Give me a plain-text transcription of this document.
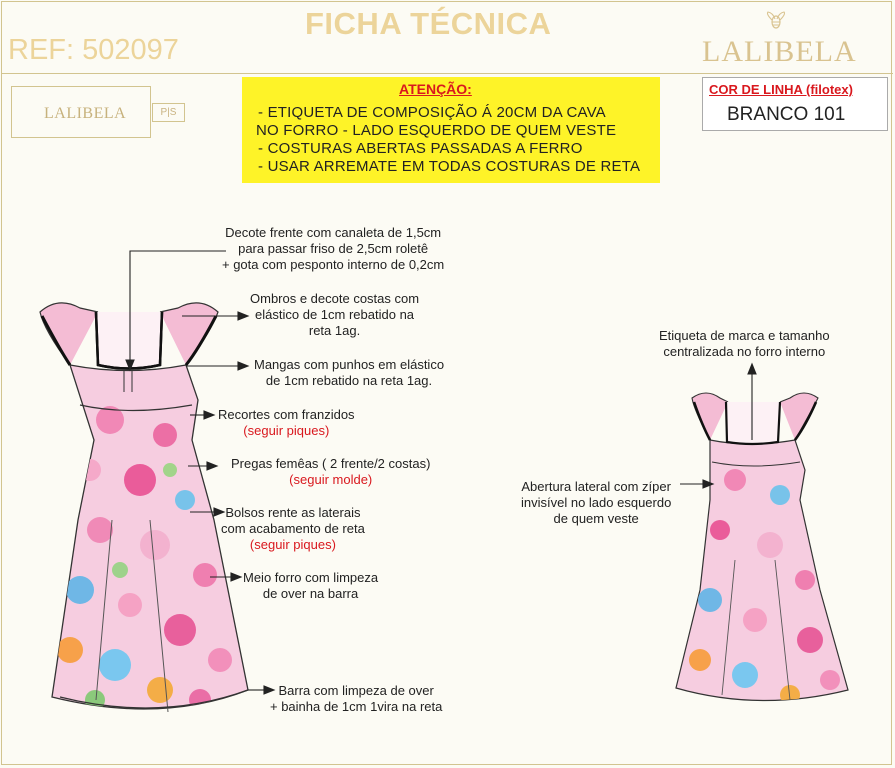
FICHA TÉCNICA
REF: 502097	LALIBELA
LALIBELA	P|S
ATENÇÃO:
- ETIQUETA DE COMPOSIÇÃO Á 20CM DA CAVA
NO FORRO - LADO ESQUERDO DE QUEM VESTE
- COSTURAS ABERTAS PASSADAS A FERRO
- USAR ARREMATE EM TODAS COSTURAS DE RETA
COR DE LINHA (filotex)
BRANCO 101
Decote frente com canaleta de 1,5cm
para passar friso de 2,5cm roletê
+ gota com pesponto interno de 0,2cm
Ombros e decote costas com
elástico de 1cm rebatido na
reta 1ag.
Mangas com punhos em elástico
de 1cm rebatido na reta 1ag.
Recortes com franzidos
(seguir piques)
Pregas femêas ( 2 frente/2 costas)
(seguir molde)
Bolsos rente as laterais
com acabamento de reta
(seguir piques)
Meio forro com limpeza
de over na barra
Barra com limpeza de over
+ bainha de 1cm 1vira na reta
Etiqueta de marca e tamanho
centralizada no forro interno
Abertura lateral com zíper
invisível no lado esquerdo
de quem veste
